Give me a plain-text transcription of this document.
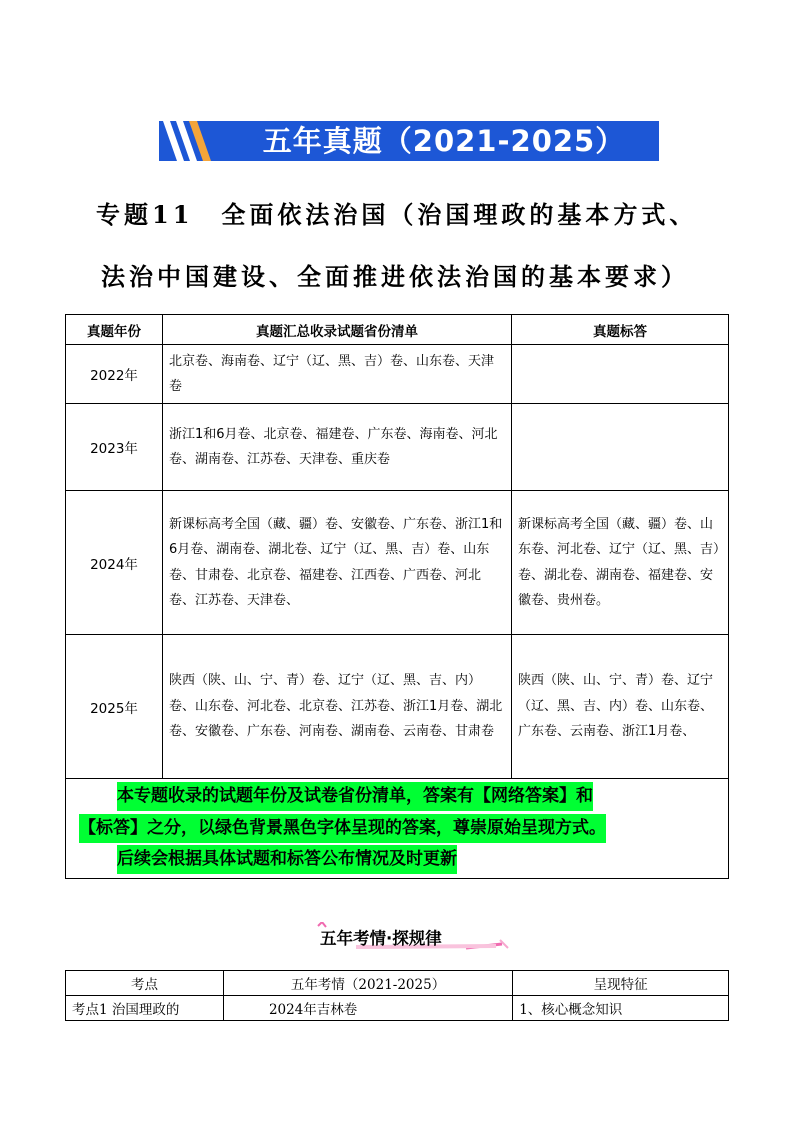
五年真题（2021-2025）
专题11　全面依法治国（治国理政的基本方式、
法治中国建设、全面推进依法治国的基本要求）
真题年份	真题汇总收录试题省份清单	真题标答
2022年	北京卷、海南卷、辽宁（辽、黑、吉）卷、山东卷、天津卷	
2023年	浙江1和6月卷、北京卷、福建卷、广东卷、海南卷、河北卷、湖南卷、江苏卷、天津卷、重庆卷	
2024年	新课标高考全国（藏、疆）卷、安徽卷、广东卷、浙江1和6月卷、湖南卷、湖北卷、辽宁（辽、黑、吉）卷、山东卷、甘肃卷、北京卷、福建卷、江西卷、广西卷、河北卷、江苏卷、天津卷、	新课标高考全国（藏、疆）卷、山东卷、河北卷、辽宁（辽、黑、吉）卷、湖北卷、湖南卷、福建卷、安徽卷、贵州卷。
2025年	陕西（陕、山、宁、青）卷、辽宁（辽、黑、吉、内）卷、山东卷、河北卷、北京卷、江苏卷、浙江1月卷、湖北卷、安徽卷、广东卷、河南卷、湖南卷、云南卷、甘肃卷	陕西（陕、山、宁、青）卷、辽宁（辽、黑、吉、内）卷、山东卷、广东卷、云南卷、浙江1月卷、

本专题收录的试题年份及试卷省份清单，答案有【网络答案】和
【标答】之分，以绿色背景黑色字体呈现的答案，尊崇原始呈现方式。
后续会根据具体试题和标答公布情况及时更新		
五年考情·探规律
考点	五年考情（2021-2025）	呈现特征
考点1 治国理政的	2024年吉林卷	1、核心概念知识
